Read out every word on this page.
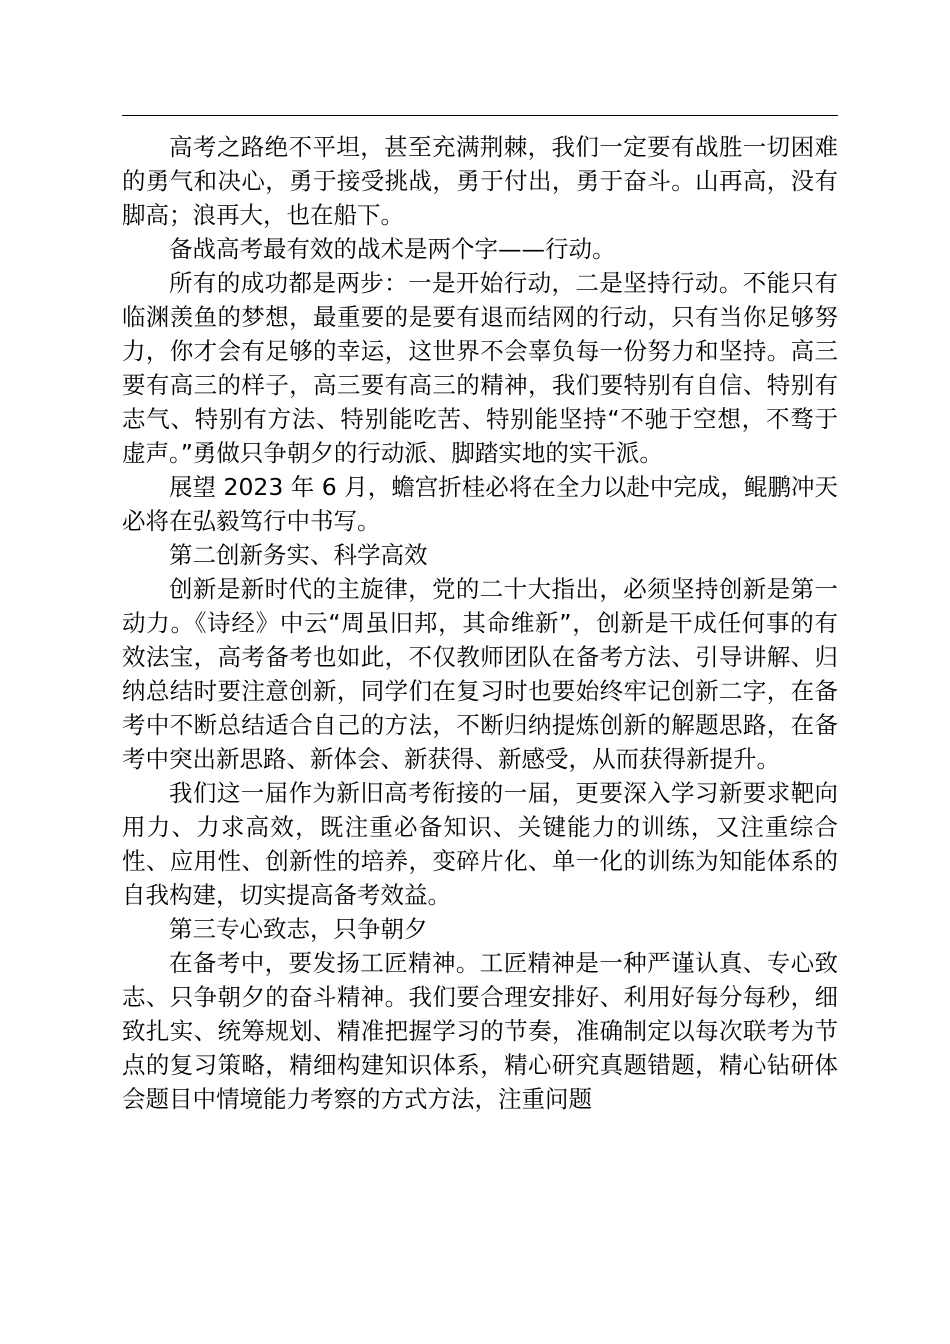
高考之路绝不平坦，甚至充满荆棘，我们一定要有战胜一切困难的勇气和决心，勇于接受挑战，勇于付出，勇于奋斗。山再高，没有脚高；浪再大，也在船下。

备战高考最有效的战术是两个字——行动。

所有的成功都是两步：一是开始行动，二是坚持行动。不能只有临渊羡鱼的梦想，最重要的是要有退而结网的行动，只有当你足够努力，你才会有足够的幸运，这世界不会辜负每一份努力和坚持。高三要有高三的样子，高三要有高三的精神，我们要特别有自信、特别有志气、特别有方法、特别能吃苦、特别能坚持“不驰于空想，不骛于虚声。”勇做只争朝夕的行动派、脚踏实地的实干派。

展望 2023 年 6 月，蟾宫折桂必将在全力以赴中完成，鲲鹏冲天必将在弘毅笃行中书写。

第二创新务实、科学高效

创新是新时代的主旋律，党的二十大指出，必须坚持创新是第一动力。《诗经》中云“周虽旧邦，其命维新”，创新是干成任何事的有效法宝，高考备考也如此，不仅教师团队在备考方法、引导讲解、归纳总结时要注意创新，同学们在复习时也要始终牢记创新二字，在备考中不断总结适合自己的方法，不断归纳提炼创新的解题思路，在备考中突出新思路、新体会、新获得、新感受，从而获得新提升。

我们这一届作为新旧高考衔接的一届，更要深入学习新要求靶向用力、力求高效，既注重必备知识、关键能力的训练，又注重综合性、应用性、创新性的培养，变碎片化、单一化的训练为知能体系的自我构建，切实提高备考效益。

第三专心致志，只争朝夕

在备考中，要发扬工匠精神。工匠精神是一种严谨认真、专心致志、只争朝夕的奋斗精神。我们要合理安排好、利用好每分每秒，细致扎实、统筹规划、精准把握学习的节奏，准确制定以每次联考为节点的复习策略，精细构建知识体系，精心研究真题错题，精心钻研体会题目中情境能力考察的方式方法，注重问题
